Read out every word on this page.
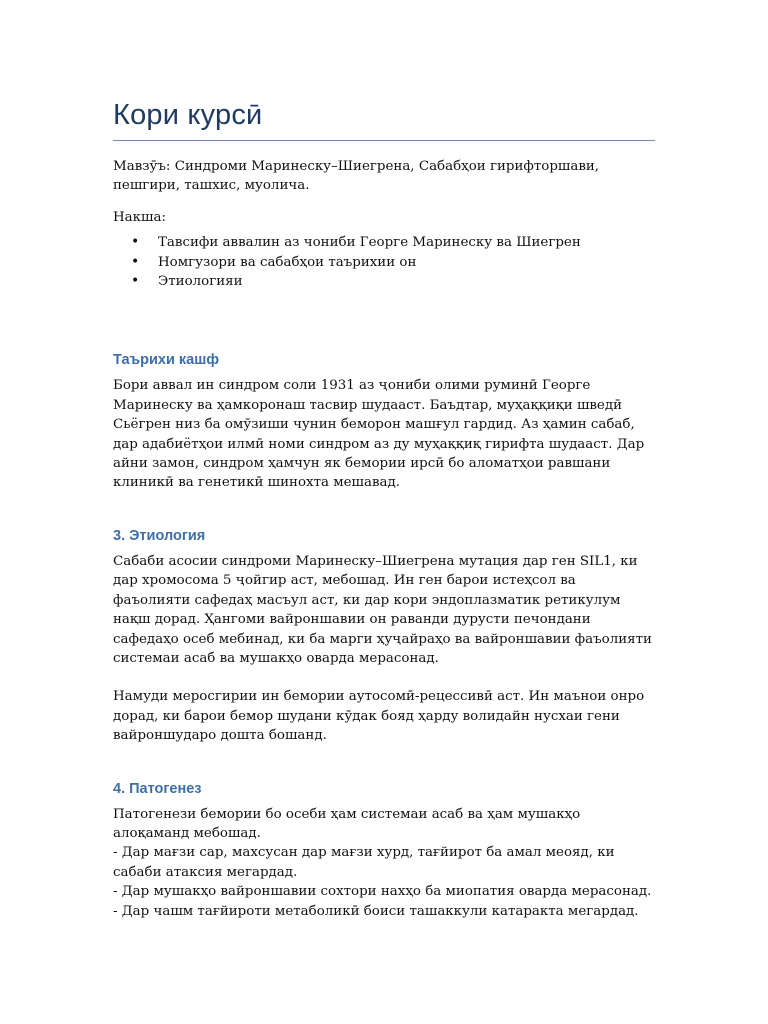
Кори курсӣ

Мавзӯъ: Синдроми Маринеску–Шиегрена, Сабабҳои гирифторшави, пешгири, ташхис, муолича.

Накша:

• Тавсифи аввалин аз чониби Георге Маринеску ва Шиегрен
• Номгузори ва сабабҳои таърихии он
• Этиологияи
Таърихи кашф

Бори аввал ин синдром соли 1931 аз ҷониби олими руминӣ Георге Маринеску ва ҳамкоронаш тасвир шудааст. Баъдтар, муҳаққиқи шведӣ Сьёгрен низ ба омӯзиши чунин беморон машғул гардид. Аз ҳамин сабаб, дар адабиётҳои илмӣ номи синдром аз ду муҳаққиқ гирифта шудааст. Дар айни замон, синдром ҳамчун як бемории ирсӣ бо аломатҳои равшани клиникӣ ва генетикӣ шинохта мешавад.

3. Этиология

Сабаби асосии синдроми Маринеску–Шиегрена мутация дар ген SIL1, ки дар хромосома 5 ҷойгир аст, мебошад. Ин ген барои истеҳсол ва фаъолияти сафедаҳ масъул аст, ки дар кори эндоплазматик ретикулум нақш дорад. Ҳангоми вайроншавии он раванди дурусти печондани сафедаҳо осеб мебинад, ки ба марги ҳуҷайраҳо ва вайроншавии фаъолияти системаи асаб ва мушакҳо оварда мерасонад.

Намуди меросгирии ин бемории аутосомӣ-рецессивӣ аст. Ин маънои онро дорад, ки барои бемор шудани кӯдак бояд ҳарду волидайн нусхаи гени вайроншударо дошта бошанд.

4. Патогенез

Патогенези бемории бо осеби ҳам системаи асаб ва ҳам мушакҳо алоқаманд мебошад.

- Дар мағзи сар, махсусан дар мағзи хурд, тағйирот ба амал меояд, ки сабаби атаксия мегардад.

- Дар мушакҳо вайроншавии сохтори нахҳо ба миопатия оварда мерасонад.

- Дар чашм тағйироти метаболикӣ боиси ташаккули катаракта мегардад.
